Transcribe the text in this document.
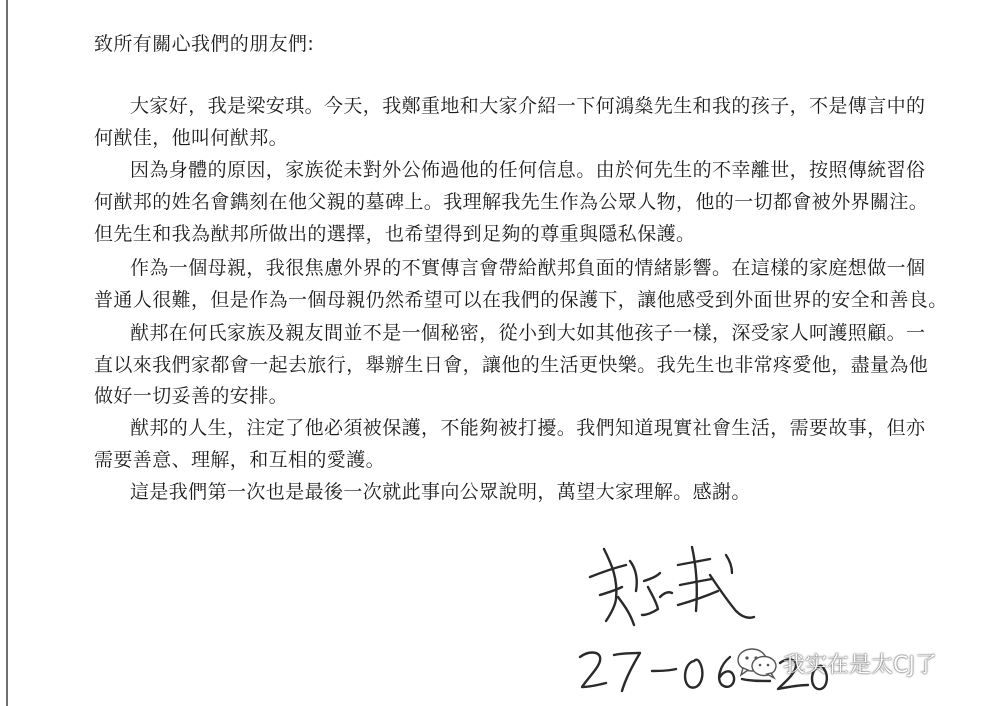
致所有關心我們的朋友們:
大家好，我是梁安琪。今天，我鄭重地和大家介紹一下何鴻燊先生和我的孩子，不是傳言中的
何猷佳，他叫何猷邦。
因為身體的原因，家族從未對外公佈過他的任何信息。由於何先生的不幸離世，按照傳統習俗
何猷邦的姓名會鐫刻在他父親的墓碑上。我理解我先生作為公眾人物，他的一切都會被外界關注。
但先生和我為猷邦所做出的選擇，也希望得到足夠的尊重與隱私保護。
作為一個母親，我很焦慮外界的不實傳言會帶給猷邦負面的情緒影響。在這樣的家庭想做一個
普通人很難，但是作為一個母親仍然希望可以在我們的保護下，讓他感受到外面世界的安全和善良。
猷邦在何氏家族及親友間並不是一個秘密，從小到大如其他孩子一樣，深受家人呵護照顧。一
直以來我們家都會一起去旅行，舉辦生日會，讓他的生活更快樂。我先生也非常疼愛他，盡量為他
做好一切妥善的安排。
猷邦的人生，注定了他必須被保護，不能夠被打擾。我們知道現實社會生活，需要故事，但亦
需要善意、理解，和互相的愛護。
這是我們第一次也是最後一次就此事向公眾說明，萬望大家理解。感謝。
我实在是太CJ了
